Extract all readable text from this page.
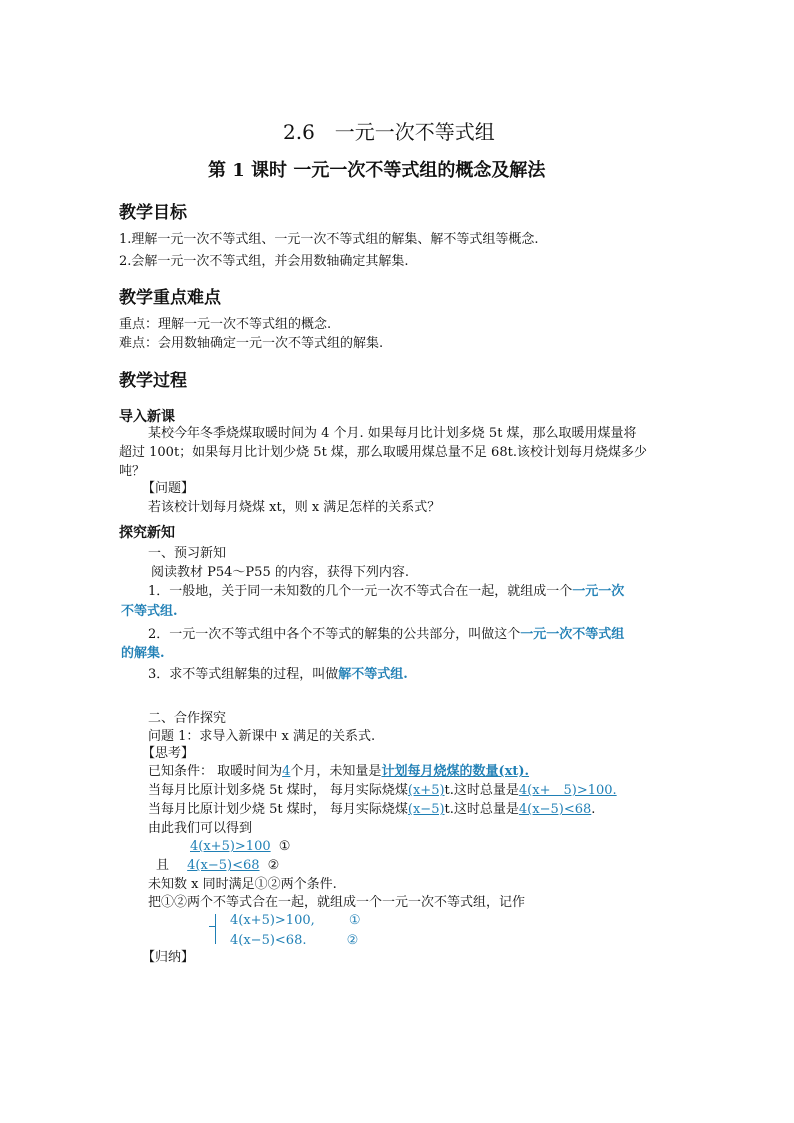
2.6　一元一次不等式组
第 1 课时 一元一次不等式组的概念及解法
教学目标
1.理解一元一次不等式组、一元一次不等式组的解集、解不等式组等概念.
2.会解一元一次不等式组，并会用数轴确定其解集.
教学重点难点
重点：理解一元一次不等式组的概念.
难点：会用数轴确定一元一次不等式组的解集.
教学过程
导入新课
某校今年冬季烧煤取暖时间为 4 个月. 如果每月比计划多烧 5t 煤，那么取暖用煤量将
超过 100t；如果每月比计划少烧 5t 煤，那么取暖用煤总量不足 68t.该校计划每月烧煤多少
吨？
【问题】
若该校计划每月烧煤 xt，则 x 满足怎样的关系式？
探究新知
一、预习新知
阅读教材 P54～P55 的内容，获得下列内容.
1．一般地，关于同一未知数的几个一元一次不等式合在一起，就组成一个一元一次
不等式组.
2．一元一次不等式组中各个不等式的解集的公共部分，叫做这个一元一次不等式组
的解集.
3．求不等式组解集的过程，叫做解不等式组.
二、合作探究
问题 1：求导入新课中 x 满足的关系式.
【思考】
已知条件： 取暖时间为4个月，未知量是计划每月烧煤的数量(xt).
当每月比原计划多烧 5t 煤时， 每月实际烧煤(x+5)t.这时总量是4(x+　5)>100.
当每月比原计划少烧 5t 煤时， 每月实际烧煤(x−5)t.这时总量是4(x−5)<68.
由此我们可以得到
4(x+5)>100 ①
且 4(x−5)<68 ②
未知数 x 同时满足①②两个条件.
把①②两个不等式合在一起，就组成一个一元一次不等式组，记作
4(x+5)>100,	①
4(x−5)<68.	②
【归纳】
